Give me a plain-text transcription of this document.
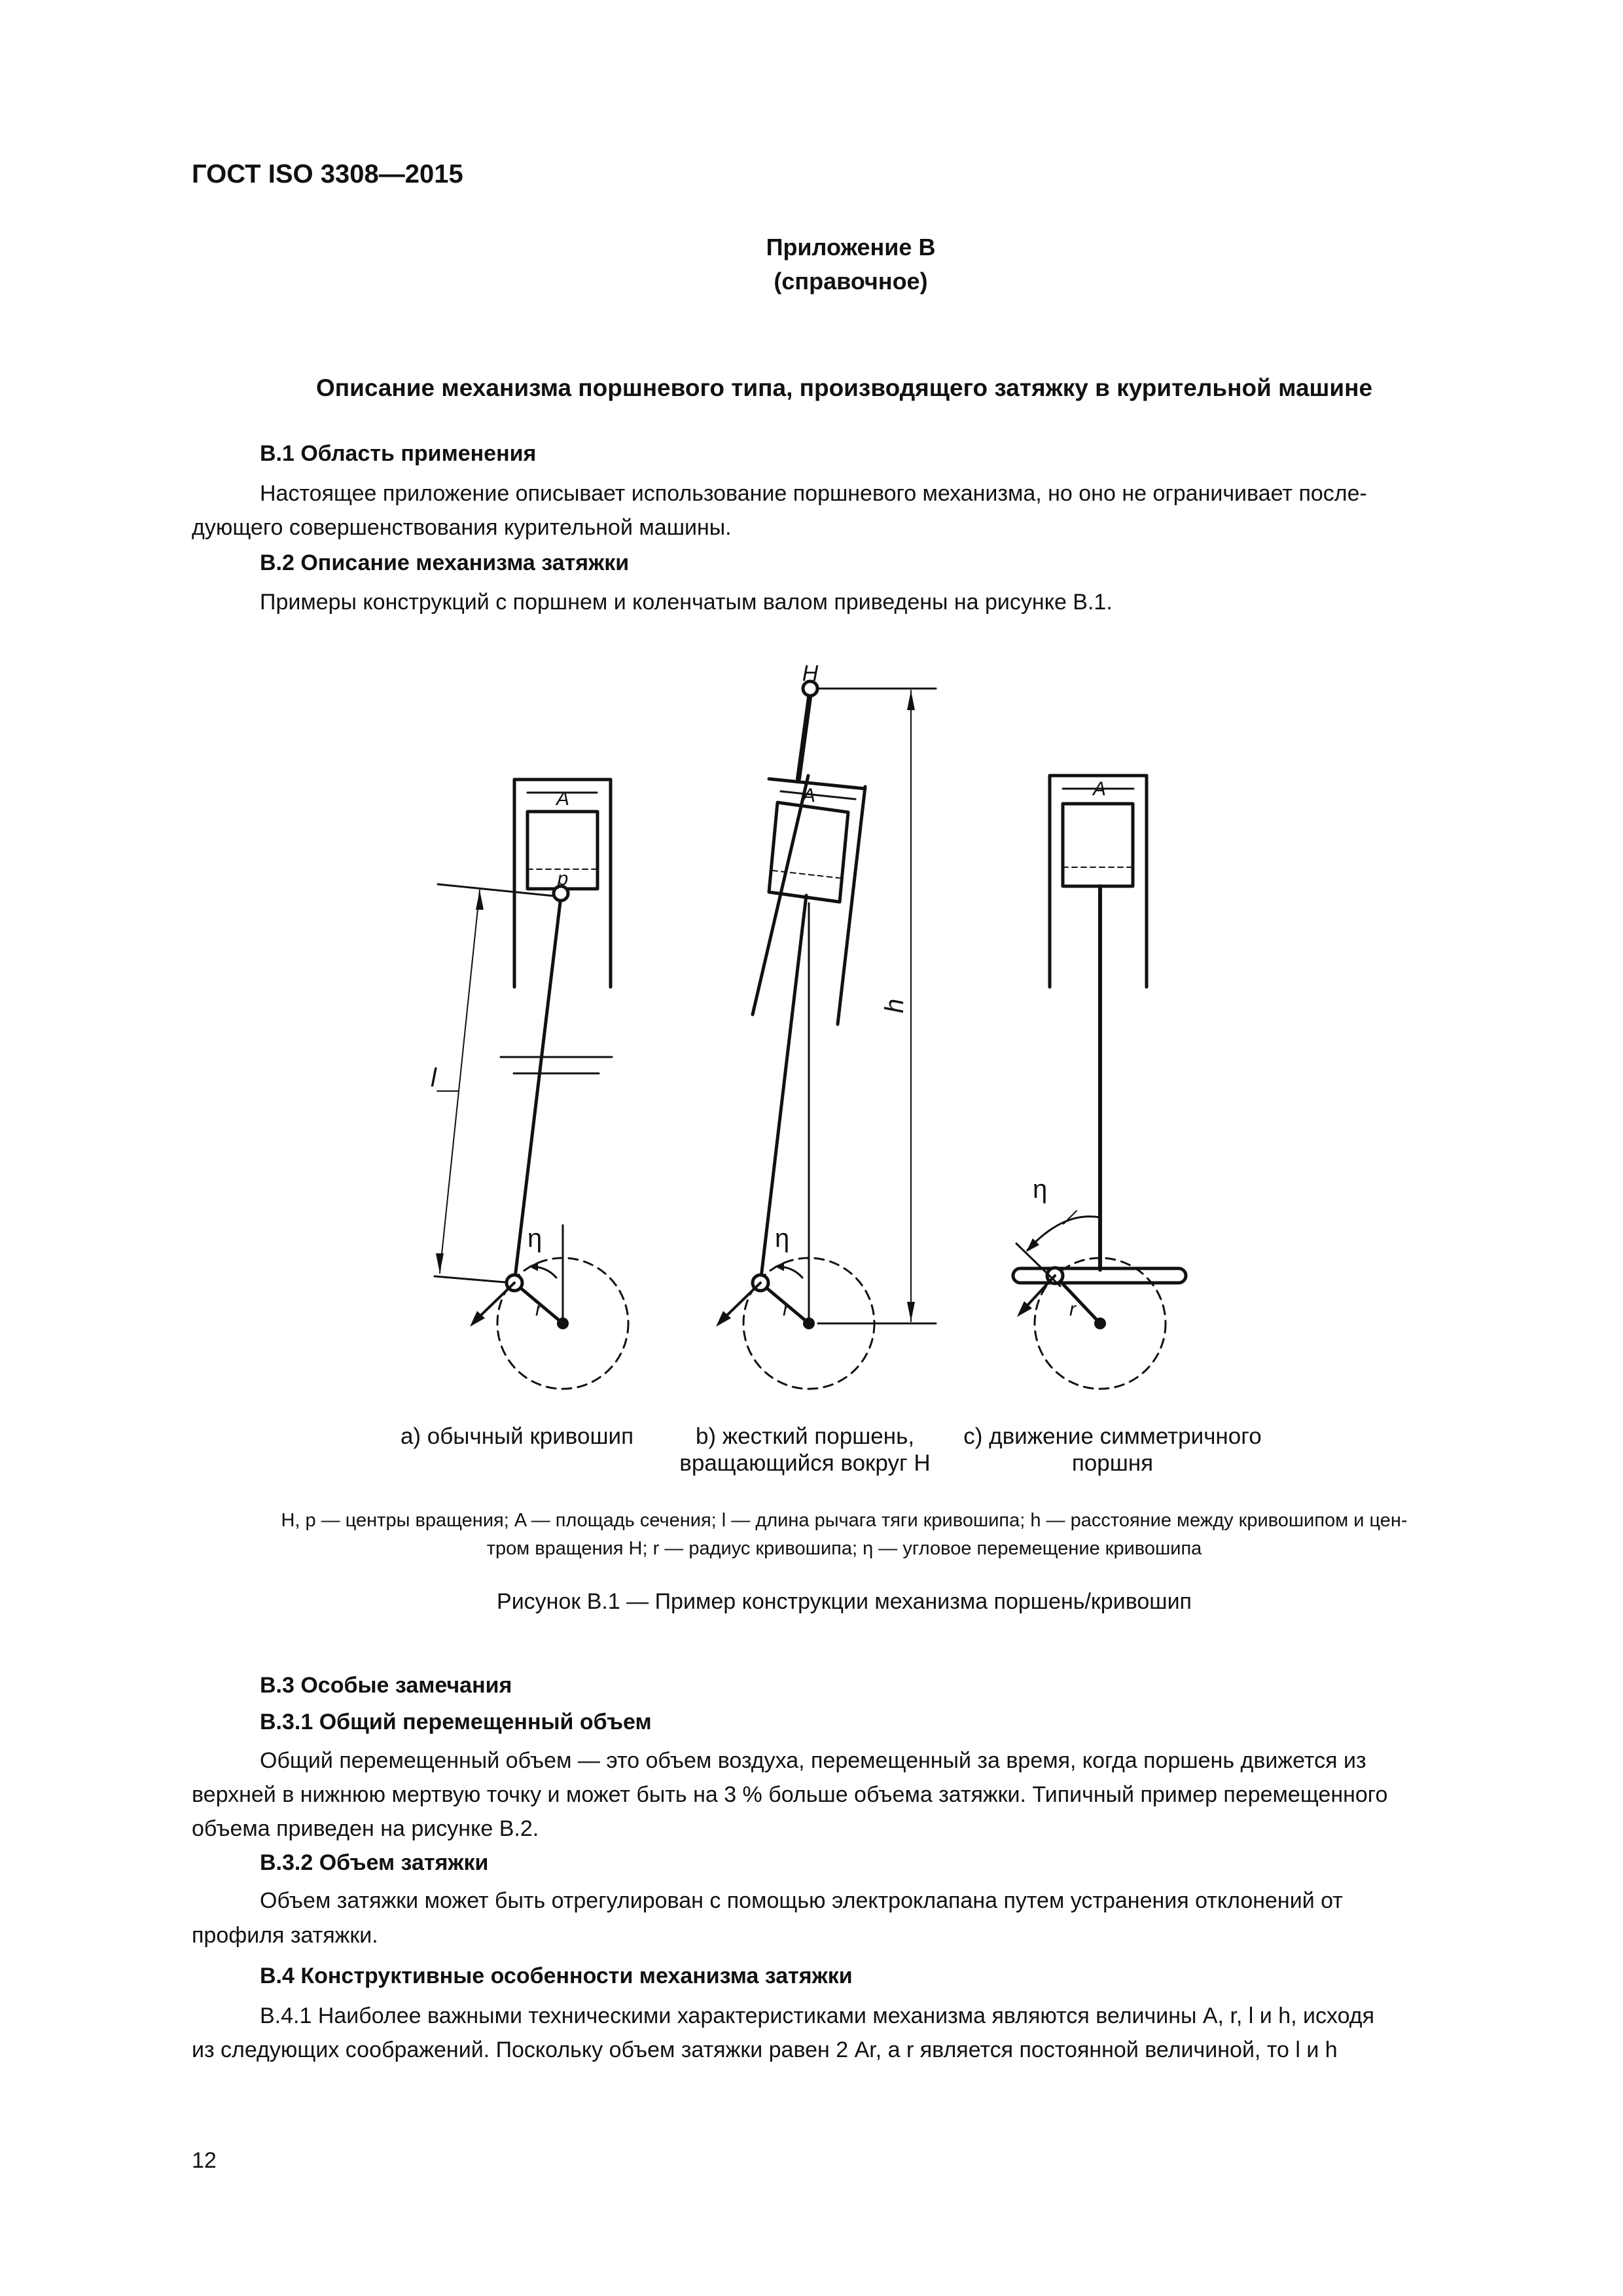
ГОСТ ISO 3308—2015
Приложение В
(справочное)
Описание механизма поршневого типа, производящего затяжку в курительной машине
В.1 Область применения
Настоящее приложение описывает использование поршневого механизма, но оно не ограничивает после-
дующего совершенствования курительной машины.
В.2 Описание механизма затяжки
Примеры конструкций с поршнем и коленчатым валом приведены на рисунке В.1.
H
A
p
A	A
l
h
r	r	r
η	η
η
а) обычный кривошип	b) жесткий поршень,
вращающийся вокруг H
с) движение симметричного
поршня
H, p — центры вращения; A — площадь сечения; l — длина рычага тяги кривошипа; h — расстояние между кривошипом и цен-
тром вращения H; r — радиус кривошипа; η — угловое перемещение кривошипа
Рисунок В.1 — Пример конструкции механизма поршень/кривошип
В.3 Особые замечания
В.3.1 Общий перемещенный объем
Общий перемещенный объем — это объем воздуха, перемещенный за время, когда поршень движется из
верхней в нижнюю мертвую точку и может быть на 3 % больше объема затяжки. Типичный пример перемещенного
объема приведен на рисунке В.2.
В.3.2 Объем затяжки
Объем затяжки может быть отрегулирован с помощью электроклапана путем устранения отклонений от
профиля затяжки.
В.4 Конструктивные особенности механизма затяжки
В.4.1 Наиболее важными техническими характеристиками механизма являются величины A, r, l и h, исходя
из следующих соображений. Поскольку объем затяжки равен 2 Ar, а r является постоянной величиной, то l и h
12
